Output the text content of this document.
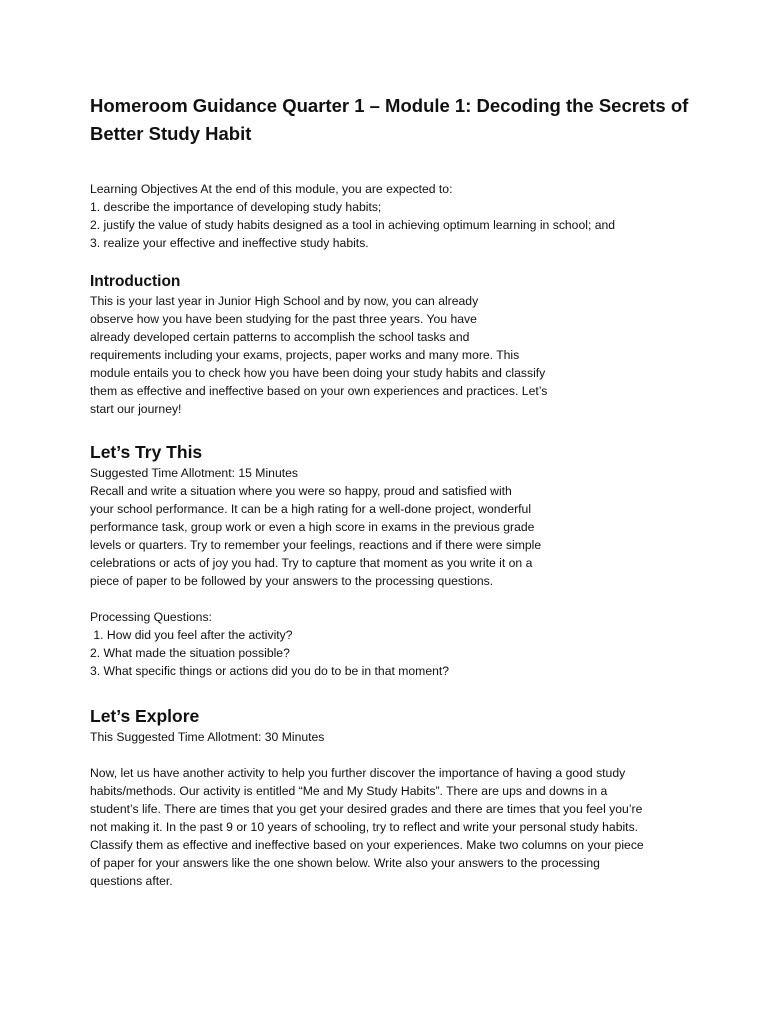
Homeroom Guidance Quarter 1 – Module 1: Decoding the Secrets of
Better Study Habit
Learning Objectives At the end of this module, you are expected to:
1. describe the importance of developing study habits;
2. justify the value of study habits designed as a tool in achieving optimum learning in school; and
3. realize your effective and ineffective study habits.
Introduction
This is your last year in Junior High School and by now, you can already
observe how you have been studying for the past three years. You have
already developed certain patterns to accomplish the school tasks and
requirements including your exams, projects, paper works and many more. This
module entails you to check how you have been doing your study habits and classify
them as effective and ineffective based on your own experiences and practices. Let’s
start our journey!
Let’s Try This
Suggested Time Allotment: 15 Minutes
Recall and write a situation where you were so happy, proud and satisfied with
your school performance. It can be a high rating for a well-done project, wonderful
performance task, group work or even a high score in exams in the previous grade
levels or quarters. Try to remember your feelings, reactions and if there were simple
celebrations or acts of joy you had. Try to capture that moment as you write it on a
piece of paper to be followed by your answers to the processing questions.
Processing Questions:
1. How did you feel after the activity?
2. What made the situation possible?
3. What specific things or actions did you do to be in that moment?
Let’s Explore
This Suggested Time Allotment: 30 Minutes
Now, let us have another activity to help you further discover the importance of having a good study
habits/methods. Our activity is entitled “Me and My Study Habits”. There are ups and downs in a
student’s life. There are times that you get your desired grades and there are times that you feel you’re
not making it. In the past 9 or 10 years of schooling, try to reflect and write your personal study habits.
Classify them as effective and ineffective based on your experiences. Make two columns on your piece
of paper for your answers like the one shown below. Write also your answers to the processing
questions after.
